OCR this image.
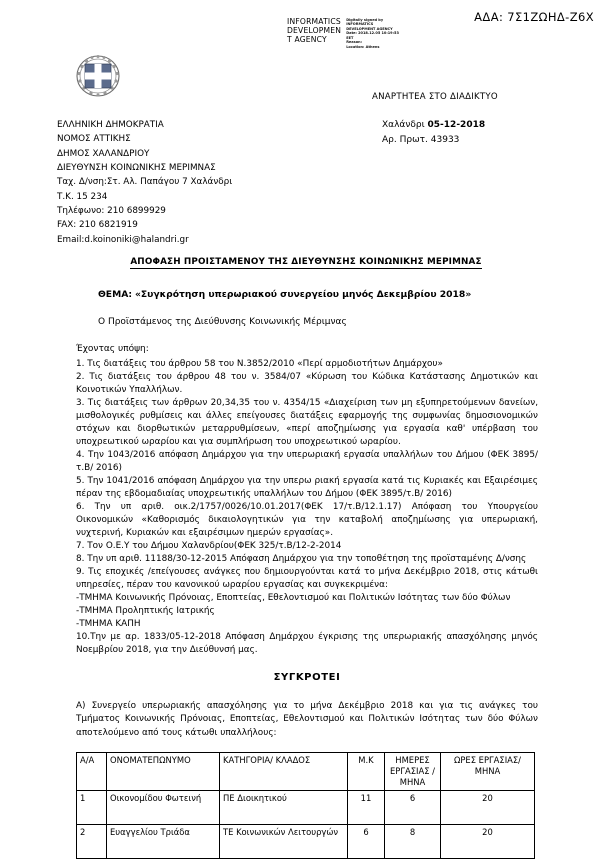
ΑΔΑ: 7Σ1ΖΩΗΔ-Ζ6Χ
INFORMATICS
DEVELOPMEN
T AGENCY
Digitally signed by
INFORMATICS
DEVELOPMENT AGENCY
Date: 2018.12.05 10:19:53
EET
Reason:
Location: Athens
ΑΝΑΡΤΗΤΕΑ ΣΤΟ ΔΙΑΔΙΚΤΥΟ
Χαλάνδρι 05-12-2018
Αρ. Πρωτ. 43933
ΕΛΛΗΝΙΚΗ ΔΗΜΟΚΡΑΤΙΑ
ΝΟΜΟΣ ΑΤΤΙΚΗΣ
ΔΗΜΟΣ ΧΑΛΑΝΔΡΙΟΥ
ΔΙΕΥΘΥΝΣΗ ΚΟΙΝΩΝΙΚΗΣ ΜΕΡΙΜΝΑΣ
Ταχ. Δ/νση:Στ. Αλ. Παπάγου 7 Χαλάνδρι
Τ.Κ. 15 234
Τηλέφωνο: 210 6899929
FAX: 210 6821919
Email:d.koinoniki@halandri.gr
ΑΠΟΦΑΣΗ ΠΡΟΙΣΤΑΜΕΝΟΥ ΤΗΣ ΔΙΕΥΘΥΝΣΗΣ ΚΟΙΝΩΝΙΚΗΣ ΜΕΡΙΜΝΑΣ

ΘΕΜΑ: «Συγκρότηση υπερωριακού συνεργείου μηνός Δεκεμβρίου 2018»

Ο Προϊστάμενος της Διεύθυνσης Κοινωνικής Μέριμνας

Έχοντας υπόψη:

1. Τις διατάξεις του άρθρου 58 του Ν.3852/2010 «Περί αρμοδιοτήτων Δημάρχου»
2. Τις διατάξεις του άρθρου 48 του ν. 3584/07 «Κύρωση του Κώδικα Κατάστασης Δημοτικών και Κοινοτικών Υπαλλήλων.
3. Τις διατάξεις των άρθρων 20,34,35 του ν. 4354/15 «Διαχείριση των μη εξυπηρετούμενων δανείων, μισθολογικές ρυθμίσεις και άλλες επείγουσες διατάξεις εφαρμογής της συμφωνίας δημοσιονομικών στόχων και διορθωτικών μεταρρυθμίσεων, «περί αποζημίωσης για εργασία καθ' υπέρβαση του υποχρεωτικού ωραρίου και για συμπλήρωση του υποχρεωτικού ωραρίου.
4. Την 1043/2016 απόφαση Δημάρχου για την υπερωριακή εργασία υπαλλήλων του Δήμου (ΦΕΚ 3895/τ.Β/ 2016)
5. Την 1041/2016 απόφαση Δημάρχου για την υπερω ριακή εργασία κατά τις Κυριακές και Εξαιρέσιμες πέραν της εβδομαδιαίας υποχρεωτικής υπαλλήλων του Δήμου (ΦΕΚ 3895/τ.Β/ 2016)
6. Την υπ αριθ. οικ.2/1757/0026/10.01.2017(ΦΕΚ 17/τ.Β/12.1.17) Απόφαση του Υπουργείου Οικονομικών «Καθορισμός δικαιολογητικών για την καταβολή αποζημίωσης για υπερωριακή, νυχτερινή, Κυριακών και εξαιρέσιμων ημερών εργασίας».
7. Τον Ο.Ε.Υ του Δήμου Χαλανδρίου(ΦΕΚ 325/τ.Β/12-2-2014
8. Την υπ αριθ. 11188/30-12-2015 Απόφαση Δημάρχου για την τοποθέτηση της προϊσταμένης Δ/νσης
9. Τις εποχικές /επείγουσες ανάγκες που δημιουργούνται κατά το μήνα Δεκέμβριο 2018, στις κάτωθι υπηρεσίες, πέραν του κανονικού ωραρίου εργασίας και συγκεκριμένα:
-ΤΜΗΜΑ Κοινωνικής Πρόνοιας, Εποπτείας, Εθελοντισμού και Πολιτικών Ισότητας των δύο Φύλων
-ΤΜΗΜΑ Προληπτικής Ιατρικής
-ΤΜΗΜΑ ΚΑΠΗ
10.Την με αρ. 1833/05-12-2018 Απόφαση Δημάρχου έγκρισης της υπερωριακής απασχόλησης μηνός Νοεμβρίου 2018, για την Διεύθυνσή μας.
ΣΥΓΚΡΟΤΕΙ
Α) Συνεργείο υπερωριακής απασχόλησης για το μήνα Δεκέμβριο 2018 και για τις ανάγκες του Τμήματος Κοινωνικής Πρόνοιας, Εποπτείας, Εθελοντισμού και Πολιτικών Ισότητας των δύο Φύλων αποτελούμενο από τους κάτωθι υπαλλήλους:
Α/Α	ΟΝΟΜΑΤΕΠΩΝΥΜΟ	ΚΑΤΗΓΟΡΙΑ/ ΚΛΑΔΟΣ	Μ.Κ	ΗΜΕΡΕΣ ΕΡΓΑΣΙΑΣ /ΜΗΝΑ	ΩΡΕΣ ΕΡΓΑΣΙΑΣ/ΜΗΝΑ
1	Οικονομίδου Φωτεινή	ΠΕ Διοικητικού	11	6	20
2	Ευαγγελίου Τριάδα	ΤΕ Κοινωνικών Λειτουργών	6	8	20
